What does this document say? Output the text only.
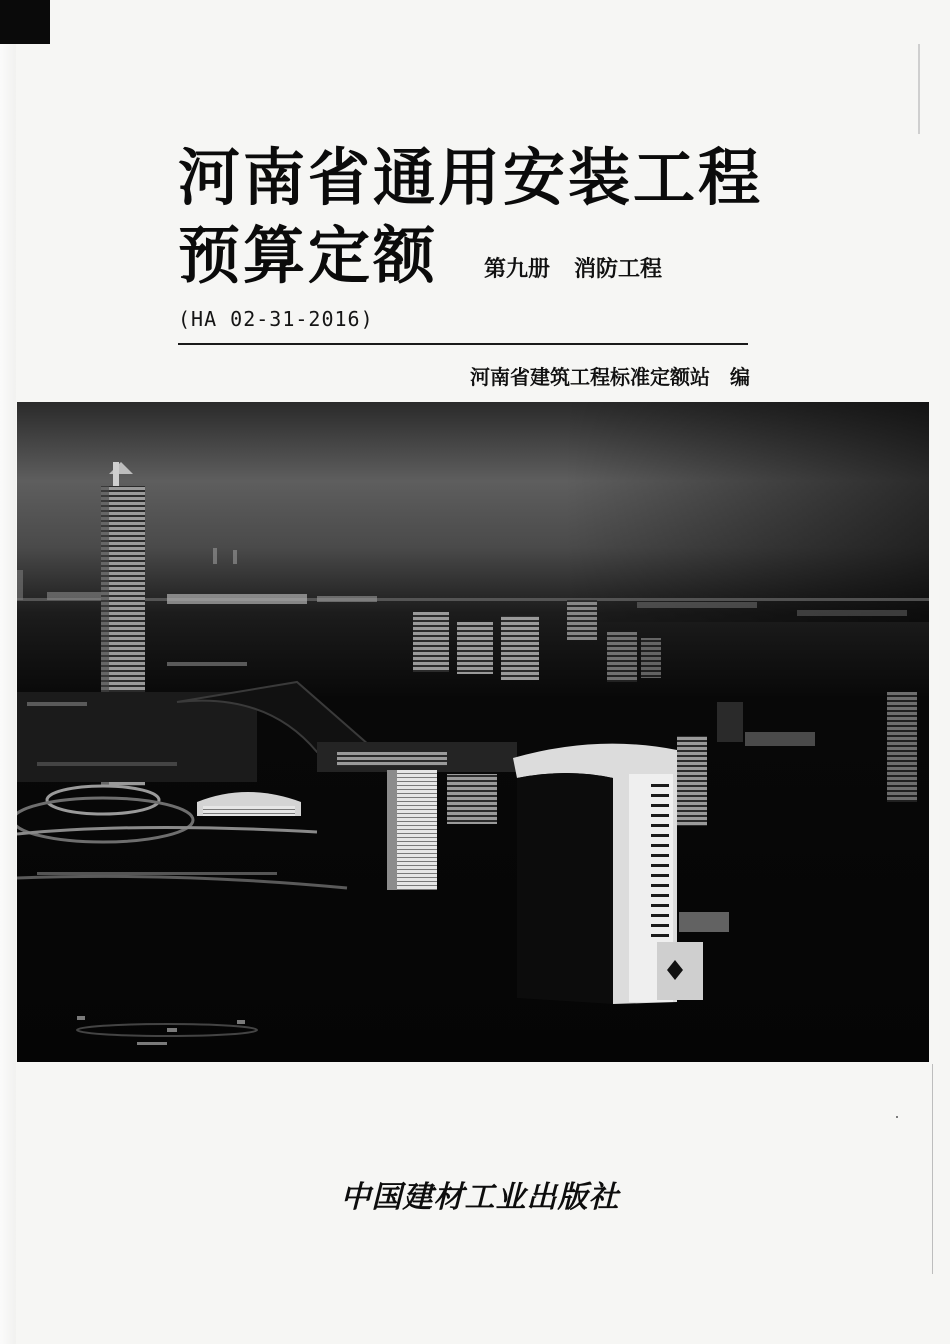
河南省通用安装工程
预算定额 第九册 消防工程
(HA 02-31-2016)
河南省建筑工程标准定额站 编
中国建材工业出版社
